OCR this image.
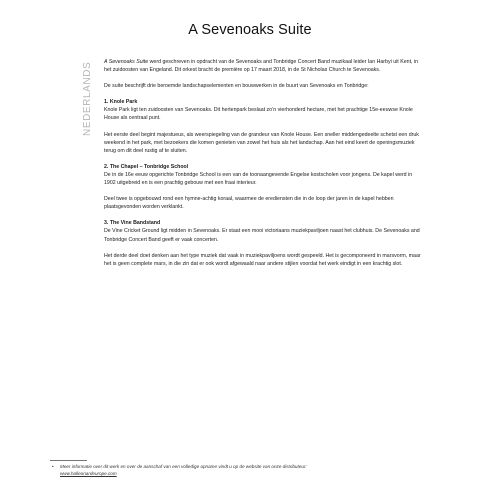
A Sevenoaks Suite
NEDERLANDS A Sevenoaks Suite werd geschreven in opdracht van de Sevenoaks and Tonbridge Concert Band muzikaal leider Ian Harbyi uit Kent, in het zuidoosten van Engeland. Dit orkest bracht de première op 17 maart 2018, in de St Nicholas Church te Sevenoaks.

De suite beschrijft drie beroemde landschapselementen en bouwwerken in de buurt van Sevenoaks en Tonbridge:

1. Knole Park

Knole Park ligt ten zuidoosten van Sevenoaks. Dit hertenpark beslaat zo’n vierhonderd hectare, met het prachtige 15e-eeuwse Knole House als centraal punt.

Het eerste deel begint majestueus, als weerspiegeling van de grandeur van Knole House. Een sneller middengedeelte schetst een druk weekend in het park, met bezoekers die komen genieten van zowel het huis als het landschap. Aan het eind keert de openingsmuziek terug om dit deel rustig af te sluiten.

2. The Chapel – Tonbridge School

De in de 16e eeuw opgerichte Tonbridge School is een van de toonaangevende Engelse kostscholen voor jongens. De kapel werd in 1902 uitgebreid en is een prachtig gebouw met een fraai interieur.

Deel twee is opgebouwd rond een hymne-achtig koraal, waarmee de erediensten die in de loop der jaren in de kapel hebben plaatsgevonden worden verklankt.

3. The Vine Bandstand

De Vine Cricket Ground ligt midden in Sevenoaks. Er staat een mooi victoriaans muziekpaviljoen naast het clubhuis. De Sevenoaks and Tonbridge Concert Band geeft er vaak concerten.

Het derde deel doet denken aan het type muziek dat vaak in muziekpaviljoens wordt gespeeld. Het is gecomponeerd in marsvorm, maar het is geen complete mars, in die zin dat er ook wordt afgewaald naar andere stijlen voordat het werk eindigt in een krachtig slot.

• Meer informatie over dit werk en over de aanschaf van een volledige opname vindt u op de website van onze distributeur:
www.halleonardeurope.com
